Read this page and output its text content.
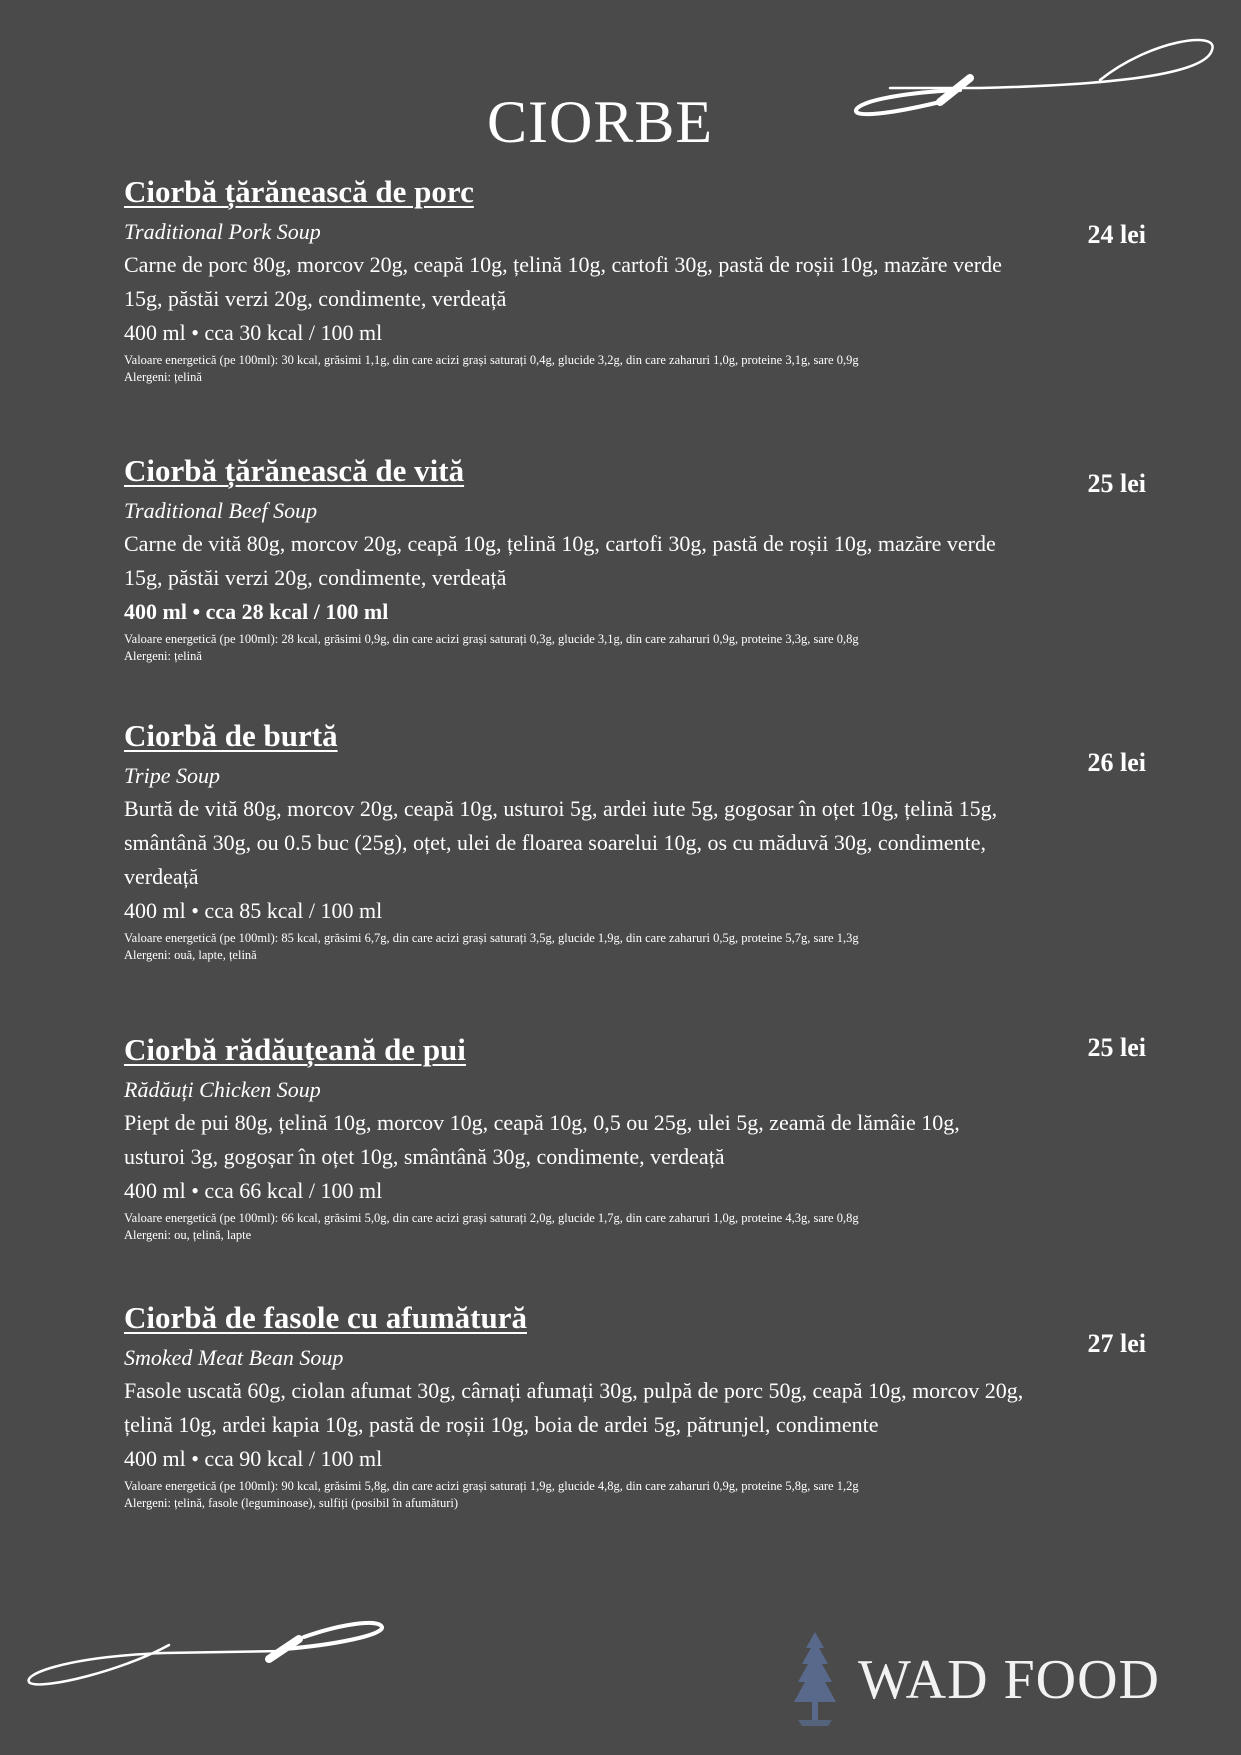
CIORBE
Ciorbă țărănească de porc
Traditional Pork Soup
Carne de porc 80g, morcov 20g, ceapă 10g, țelină 10g, cartofi 30g, pastă de roșii 10g, mazăre verde 15g, păstăi verzi 20g, condimente, verdeață
400 ml • cca 30 kcal / 100 ml
Valoare energetică (pe 100ml): 30 kcal, grăsimi 1,1g, din care acizi grași saturați 0,4g, glucide 3,2g, din care zaharuri 1,0g, proteine 3,1g, sare 0,9g
Alergeni: țelină
24 lei
Ciorbă țărănească de vită
Traditional Beef Soup
Carne de vită 80g, morcov 20g, ceapă 10g, țelină 10g, cartofi 30g, pastă de roșii 10g, mazăre verde 15g, păstăi verzi 20g, condimente, verdeață
400 ml • cca 28 kcal / 100 ml
Valoare energetică (pe 100ml): 28 kcal, grăsimi 0,9g, din care acizi grași saturați 0,3g, glucide 3,1g, din care zaharuri 0,9g, proteine 3,3g, sare 0,8g
Alergeni: țelină
25 lei
Ciorbă de burtă
Tripe Soup
Burtă de vită 80g, morcov 20g, ceapă 10g, usturoi 5g, ardei iute 5g, gogosar în oțet 10g, țelină 15g, smântână 30g, ou 0.5 buc (25g), oțet, ulei de floarea soarelui 10g, os cu măduvă 30g, condimente, verdeață
400 ml • cca 85 kcal / 100 ml
Valoare energetică (pe 100ml): 85 kcal, grăsimi 6,7g, din care acizi grași saturați 3,5g, glucide 1,9g, din care zaharuri 0,5g, proteine 5,7g, sare 1,3g
Alergeni: ouă, lapte, țelină
26 lei
Ciorbă rădăuțeană de pui
Rădăuți Chicken Soup
Piept de pui 80g, țelină 10g, morcov 10g, ceapă 10g, 0,5 ou 25g, ulei 5g, zeamă de lămâie 10g, usturoi 3g, gogoșar în oțet 10g, smântână 30g, condimente, verdeață
400 ml • cca 66 kcal / 100 ml
Valoare energetică (pe 100ml): 66 kcal, grăsimi 5,0g, din care acizi grași saturați 2,0g, glucide 1,7g, din care zaharuri 1,0g, proteine 4,3g, sare 0,8g
Alergeni: ou, țelină, lapte
25 lei
Ciorbă de fasole cu afumătură
Smoked Meat Bean Soup
Fasole uscată 60g, ciolan afumat 30g, cârnați afumați 30g, pulpă de porc 50g, ceapă 10g, morcov 20g, țelină 10g, ardei kapia 10g, pastă de roșii 10g, boia de ardei 5g, pătrunjel, condimente
400 ml • cca 90 kcal / 100 ml
Valoare energetică (pe 100ml): 90 kcal, grăsimi 5,8g, din care acizi grași saturați 1,9g, glucide 4,8g, din care zaharuri 0,9g, proteine 5,8g, sare 1,2g
Alergeni: țelină, fasole (leguminoase), sulfiți (posibil în afumături)
27 lei
WAD FOOD
